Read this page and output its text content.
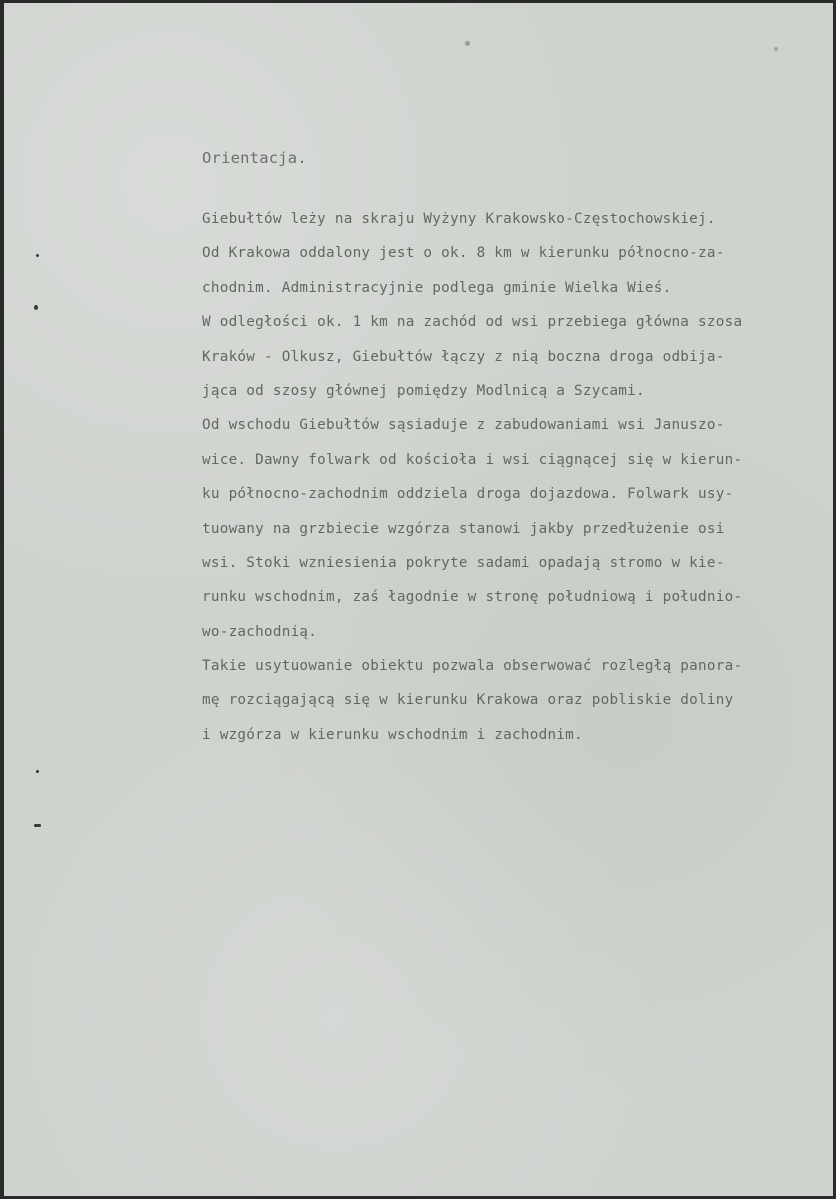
Orientacja.
Giebułtów leży na skraju Wyżyny Krakowsko-Częstochowskiej.
Od Krakowa oddalony jest o ok. 8 km w kierunku północno-za-
chodnim. Administracyjnie podlega gminie Wielka Wieś.
W odległości ok. 1 km na zachód od wsi przebiega główna szosa
Kraków - Olkusz, Giebułtów łączy z nią boczna droga odbija-
jąca od szosy głównej pomiędzy Modlnicą a Szycami.
Od wschodu Giebułtów sąsiaduje z zabudowaniami wsi Januszo-
wice. Dawny folwark od kościoła i wsi ciągnącej się w kierun-
ku północno-zachodnim oddziela droga dojazdowa. Folwark usy-
tuowany na grzbiecie wzgórza stanowi jakby przedłużenie osi
wsi. Stoki wzniesienia pokryte sadami opadają stromo w kie-
runku wschodnim, zaś łagodnie w stronę południową i południo-
wo-zachodnią.
Takie usytuowanie obiektu pozwala obserwować rozległą panora-
mę rozciągającą się w kierunku Krakowa oraz pobliskie doliny
i wzgórza w kierunku wschodnim i zachodnim.
